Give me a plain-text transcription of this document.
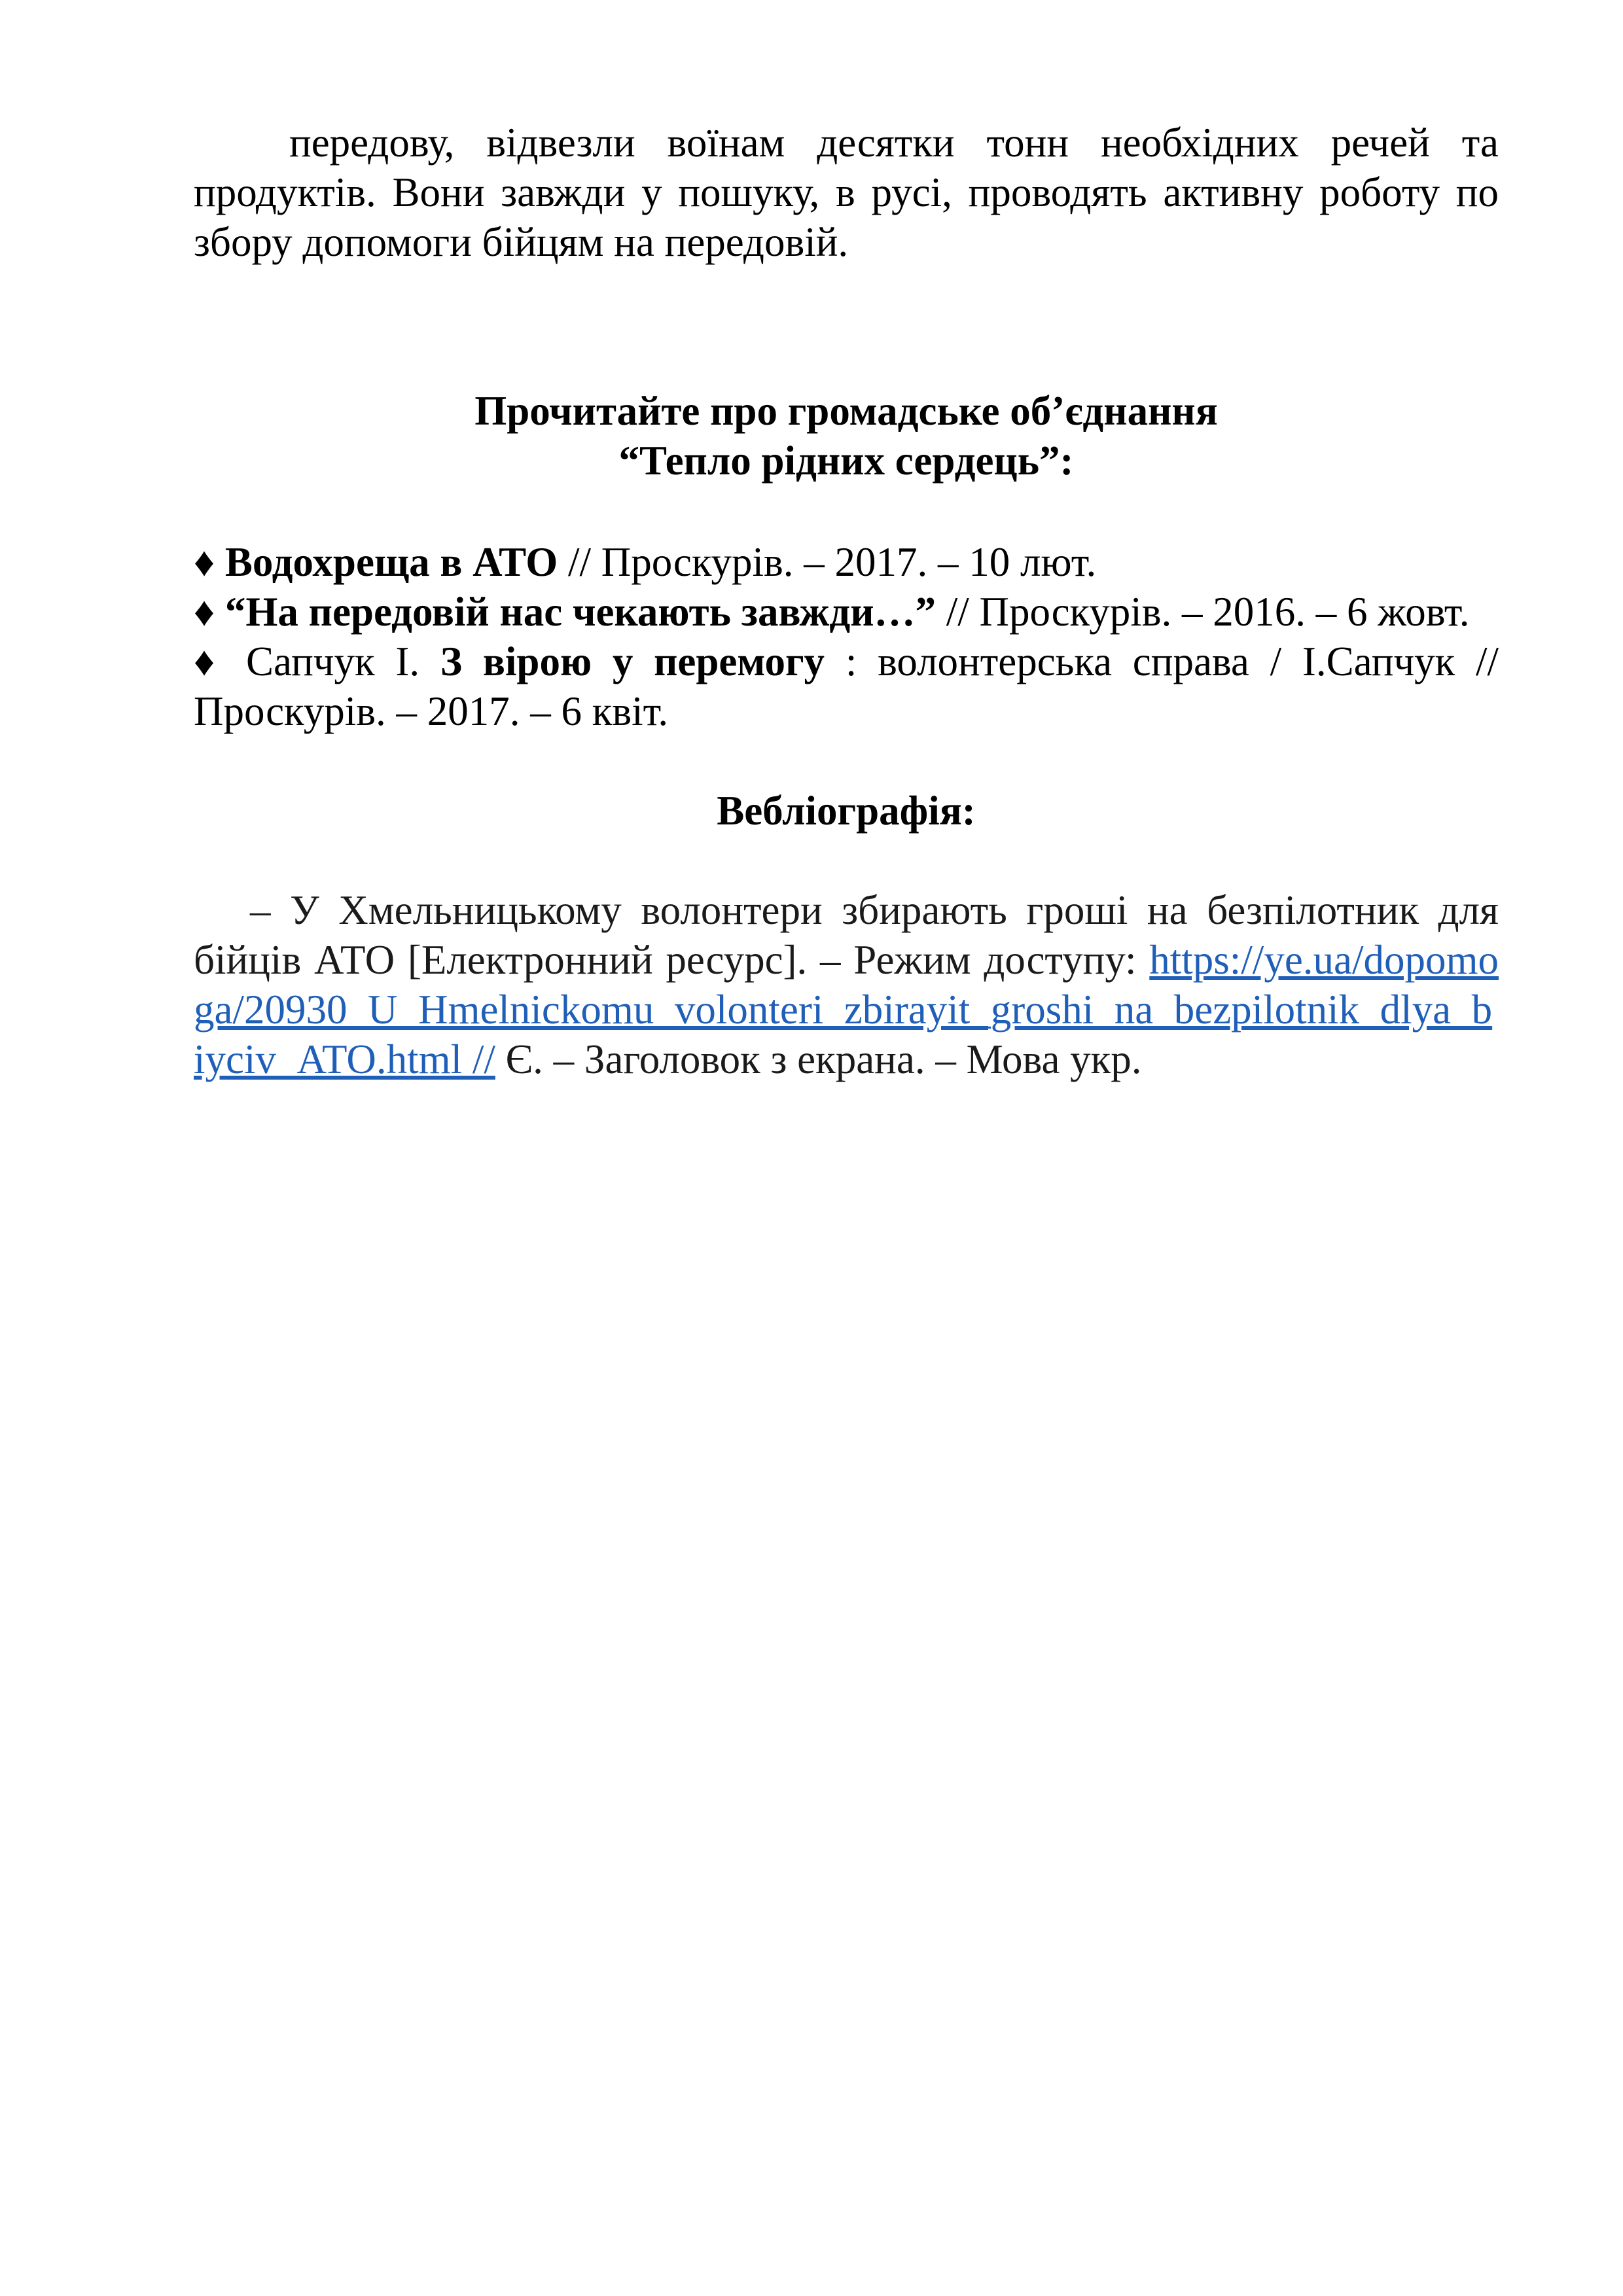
передову, відвезли воїнам десятки тонн необхідних речей та продуктів. Вони завжди у пошуку, в русі, проводять активну роботу по збору допомоги бійцям на передовій.

Прочитайте про громадське об’єднання

“Тепло рідних сердець”:

♦ Водохреща в АТО // Проскурів. – 2017. – 10 лют.

♦ “На передовій нас чекають завжди…” // Проскурів. – 2016. – 6 жовт.

♦ Сапчук І. З вірою у перемогу : волонтерська справа / І.Сапчук // Проскурів. – 2017. – 6 квіт.

Вебліографія:

– У Хмельницькому волонтери збирають гроші на безпілотник для бійців АТО [Електронний ресурс]. – Режим доступу: https://ye.ua/dopomoga/20930_U_Hmelnickomu_volonteri_zbirayit_groshi_na_bezpilotnik_dlya_biyciv_ATO.html // Є. – Заголовок з екрана. – Мова укр.
